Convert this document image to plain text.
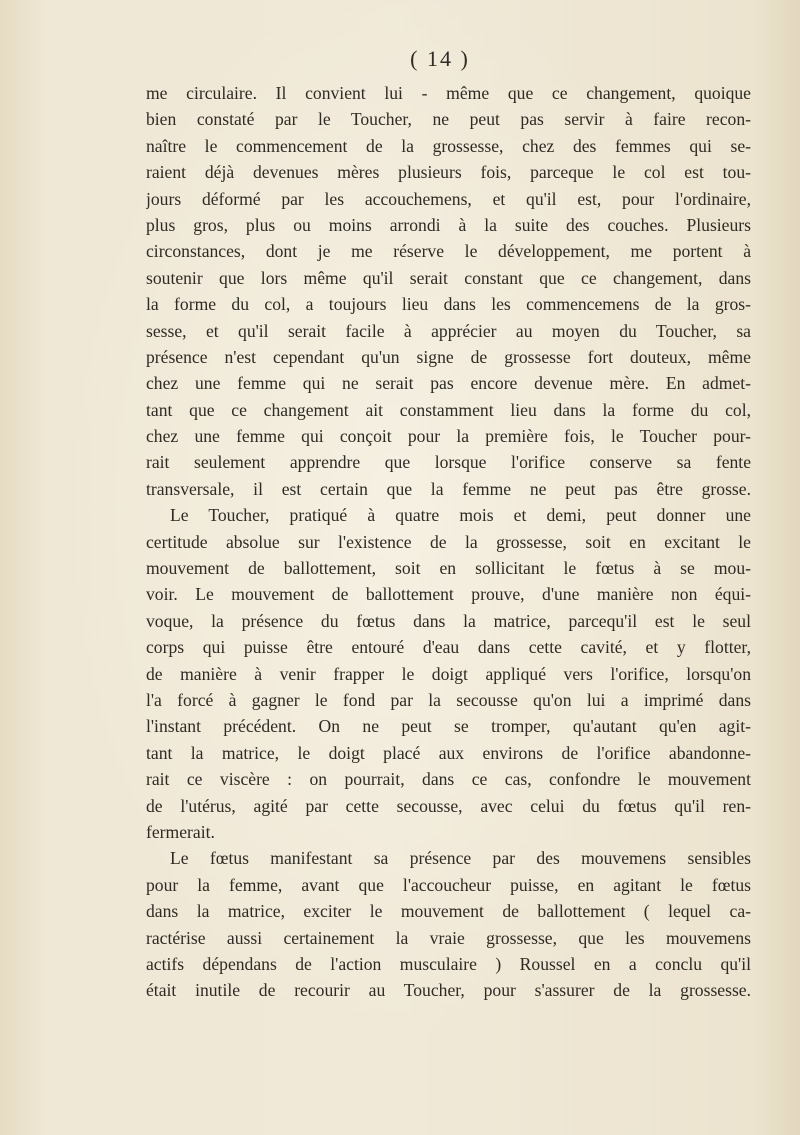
( 14 )
me circulaire. Il convient lui - même que ce changement, quoique
bien constaté par le Toucher, ne peut pas servir à faire recon-
naître le commencement de la grossesse, chez des femmes qui se-
raient déjà devenues mères plusieurs fois, parceque le col est tou-
jours déformé par les accouchemens, et qu'il est, pour l'ordinaire,
plus gros, plus ou moins arrondi à la suite des couches. Plusieurs
circonstances, dont je me réserve le développement, me portent à
soutenir que lors même qu'il serait constant que ce changement, dans
la forme du col, a toujours lieu dans les commencemens de la gros-
sesse, et qu'il serait facile à apprécier au moyen du Toucher, sa
présence n'est cependant qu'un signe de grossesse fort douteux, même
chez une femme qui ne serait pas encore devenue mère. En admet-
tant que ce changement ait constamment lieu dans la forme du col,
chez une femme qui conçoit pour la première fois, le Toucher pour-
rait seulement apprendre que lorsque l'orifice conserve sa fente
transversale, il est certain que la femme ne peut pas être grosse.
Le Toucher, pratiqué à quatre mois et demi, peut donner une
certitude absolue sur l'existence de la grossesse, soit en excitant le
mouvement de ballottement, soit en sollicitant le fœtus à se mou-
voir. Le mouvement de ballottement prouve, d'une manière non équi-
voque, la présence du fœtus dans la matrice, parcequ'il est le seul
corps qui puisse être entouré d'eau dans cette cavité, et y flotter,
de manière à venir frapper le doigt appliqué vers l'orifice, lorsqu'on
l'a forcé à gagner le fond par la secousse qu'on lui a imprimé dans
l'instant précédent. On ne peut se tromper, qu'autant qu'en agit-
tant la matrice, le doigt placé aux environs de l'orifice abandonne-
rait ce viscère : on pourrait, dans ce cas, confondre le mouvement
de l'utérus, agité par cette secousse, avec celui du fœtus qu'il ren-
fermerait.
Le fœtus manifestant sa présence par des mouvemens sensibles
pour la femme, avant que l'accoucheur puisse, en agitant le fœtus
dans la matrice, exciter le mouvement de ballottement ( lequel ca-
ractérise aussi certainement la vraie grossesse, que les mouvemens
actifs dépendans de l'action musculaire ) Roussel en a conclu qu'il
était inutile de recourir au Toucher, pour s'assurer de la grossesse.
